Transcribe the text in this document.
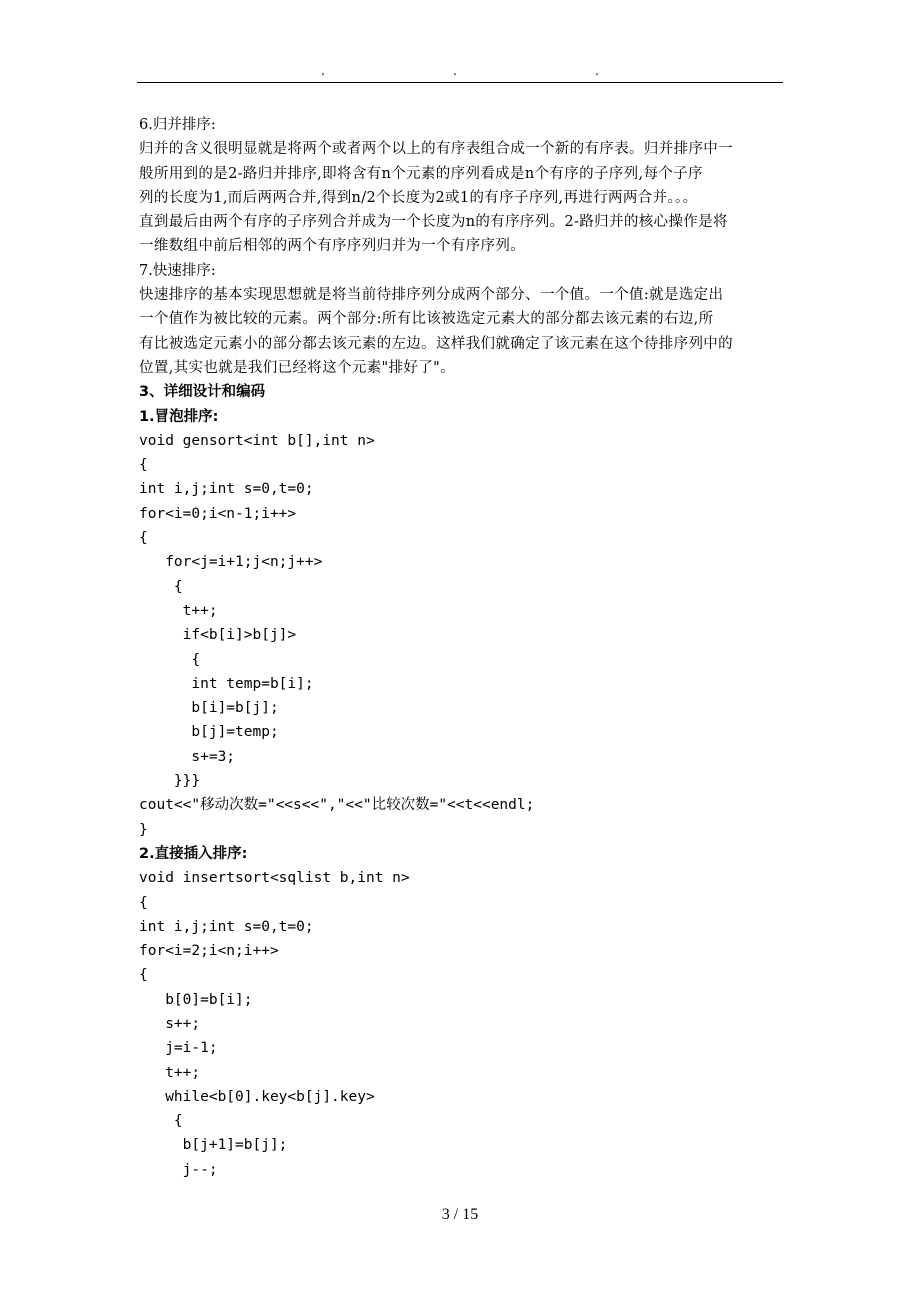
.	.	.
6.归并排序:
归并的含义很明显就是将两个或者两个以上的有序表组合成一个新的有序表。归并排序中一
般所用到的是2-路归并排序,即将含有n个元素的序列看成是n个有序的子序列,每个子序
列的长度为1,而后两两合并,得到n/2个长度为2或1的有序子序列,再进行两两合并。。。
直到最后由两个有序的子序列合并成为一个长度为n的有序序列。2-路归并的核心操作是将
一维数组中前后相邻的两个有序序列归并为一个有序序列。
7.快速排序:
快速排序的基本实现思想就是将当前待排序列分成两个部分、一个值。一个值:就是选定出
一个值作为被比较的元素。两个部分:所有比该被选定元素大的部分都去该元素的右边,所
有比被选定元素小的部分都去该元素的左边。这样我们就确定了该元素在这个待排序列中的
位置,其实也就是我们已经将这个元素"排好了"。
3、详细设计和编码
1.冒泡排序:
void gensort<int b[],int n>
{
int i,j;int s=0,t=0;
for<i=0;i<n-1;i++>
{
for<j=i+1;j<n;j++>
{
t++;
if<b[i]>b[j]>
{
int temp=b[i];
b[i]=b[j];
b[j]=temp;
s+=3;
}}}
cout<<"移动次数="<<s<<","<<"比较次数="<<t<<endl;
}
2.直接插入排序:
void insertsort<sqlist b,int n>
{
int i,j;int s=0,t=0;
for<i=2;i<n;i++>
{
b[0]=b[i];
s++;
j=i-1;
t++;
while<b[0].key<b[j].key>
{
b[j+1]=b[j];
j--;
3 / 15
